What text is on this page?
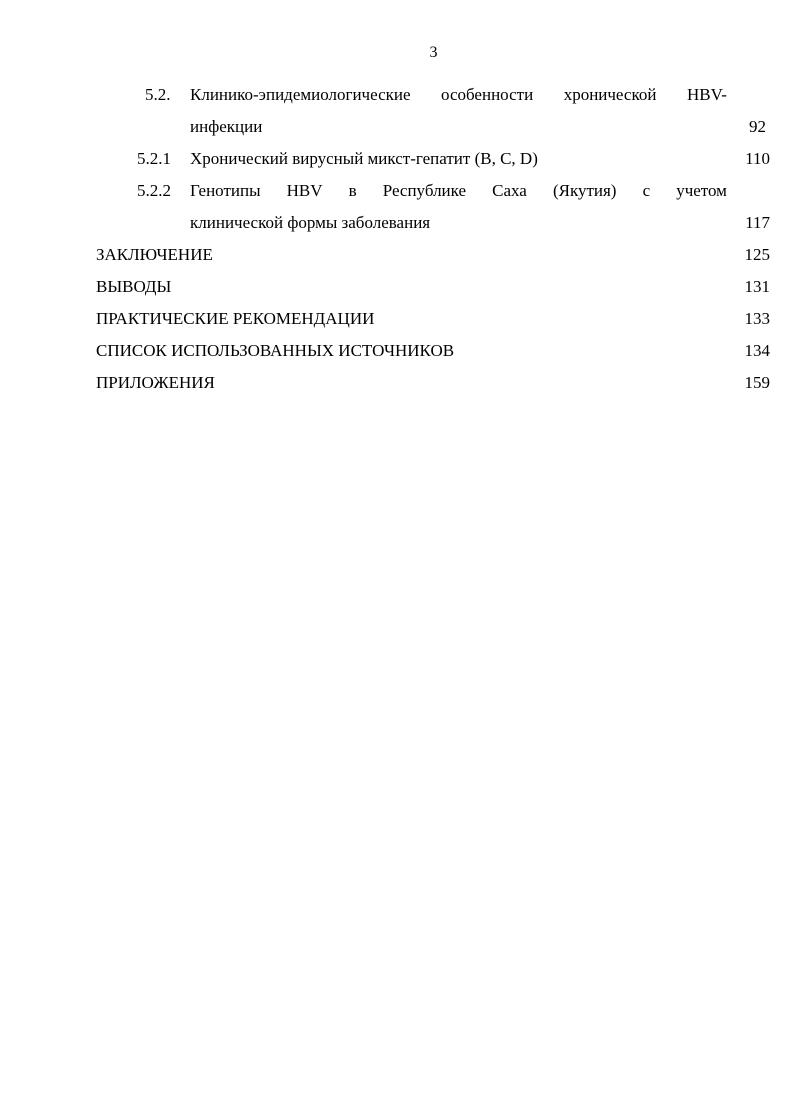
3
5.2. Клинико-эпидемиологические особенности хронической HBV-
инфекции	92
5.2.1 Хронический вирусный микст-гепатит (B, C, D)	110
5.2.2 Генотипы HBV в Республике Саха (Якутия) с учетом
клинической формы заболевания	117
ЗАКЛЮЧЕНИЕ	125
ВЫВОДЫ	131
ПРАКТИЧЕСКИЕ РЕКОМЕНДАЦИИ	133
СПИСОК ИСПОЛЬЗОВАННЫХ ИСТОЧНИКОВ	134
ПРИЛОЖЕНИЯ	159
